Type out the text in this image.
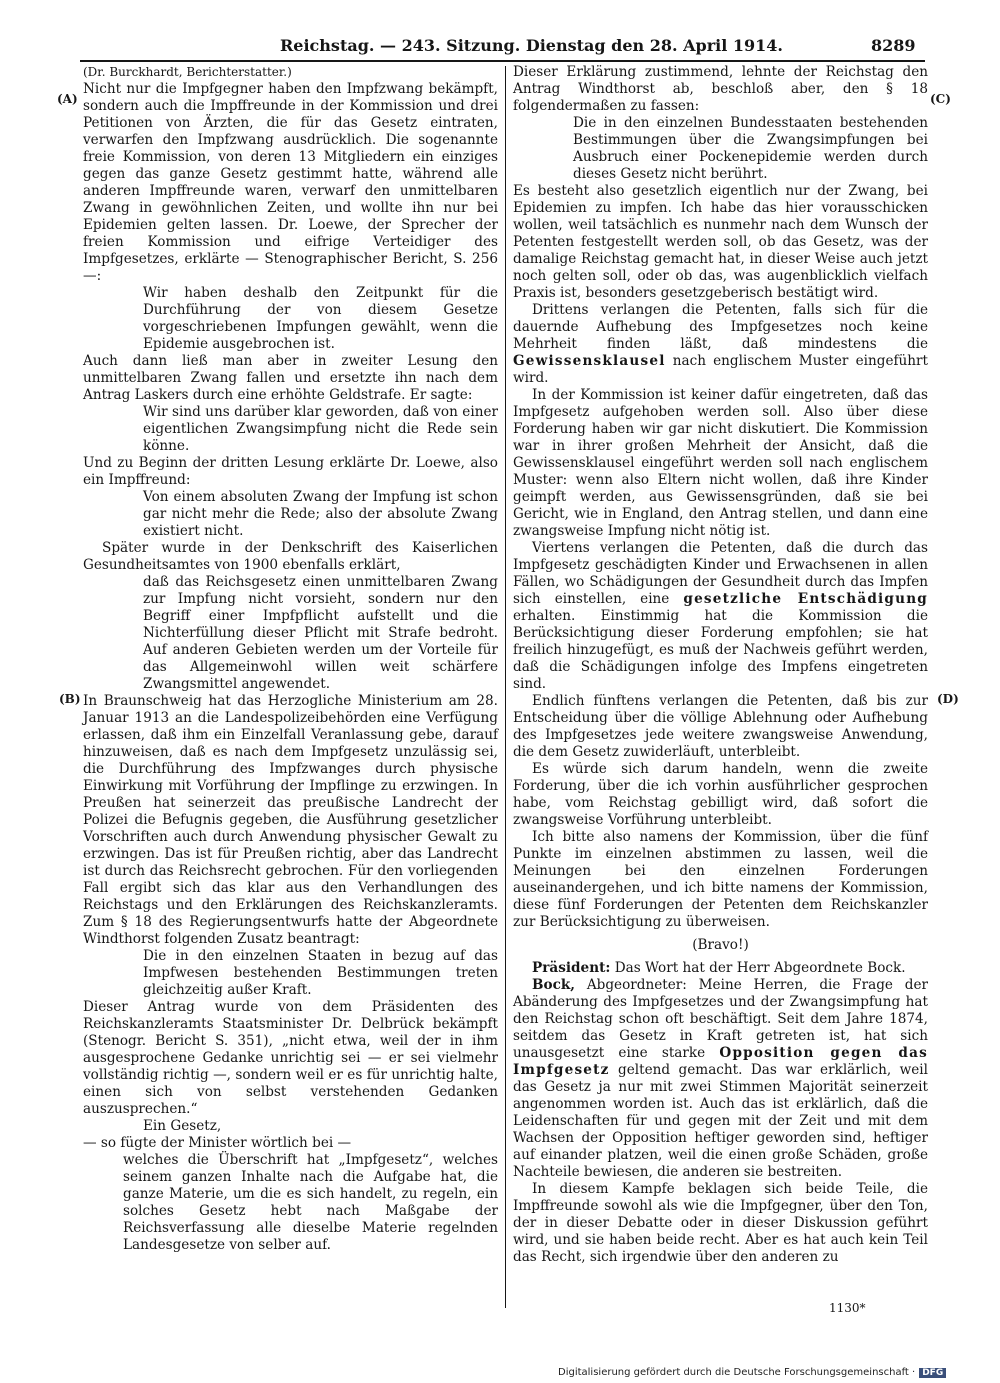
Reichstag. — 243. Sitzung. Dienstag den 28. April 1914.	8289
(A)
(B)
(C)
(D)

(Dr. Burckhardt, Berichterstatter.)

Nicht nur die Impfgegner haben den Impfzwang bekämpft, sondern auch die Impffreunde in der Kommission und drei Petitionen von Ärzten, die für das Gesetz eintraten, verwarfen den Impfzwang ausdrücklich. Die sogenannte freie Kommission, von deren 13 Mitgliedern ein einziges gegen das ganze Gesetz gestimmt hatte, während alle anderen Impffreunde waren, verwarf den unmittelbaren Zwang in gewöhnlichen Zeiten, und wollte ihn nur bei Epidemien gelten lassen. Dr. Loewe, der Sprecher der freien Kommission und eifrige Verteidiger des Impfgesetzes, erklärte — Stenographischer Bericht, S. 256 —:

Wir haben deshalb den Zeitpunkt für die Durchführung der von diesem Gesetze vorgeschriebenen Impfungen gewählt, wenn die Epidemie ausgebrochen ist.

Auch dann ließ man aber in zweiter Lesung den unmittelbaren Zwang fallen und ersetzte ihn nach dem Antrag Laskers durch eine erhöhte Geldstrafe. Er sagte:

Wir sind uns darüber klar geworden, daß von einer eigentlichen Zwangsimpfung nicht die Rede sein könne.

Und zu Beginn der dritten Lesung erklärte Dr. Loewe, also ein Impffreund:

Von einem absoluten Zwang der Impfung ist schon gar nicht mehr die Rede; also der absolute Zwang existiert nicht.

Später wurde in der Denkschrift des Kaiserlichen Gesundheitsamtes von 1900 ebenfalls erklärt,

daß das Reichsgesetz einen unmittelbaren Zwang zur Impfung nicht vorsieht, sondern nur den Begriff einer Impfpflicht aufstellt und die Nichterfüllung dieser Pflicht mit Strafe bedroht. Auf anderen Gebieten werden um der Vorteile für das Allgemeinwohl willen weit schärfere Zwangsmittel angewendet.

In Braunschweig hat das Herzogliche Ministerium am 28. Januar 1913 an die Landespolizeibehörden eine Verfügung erlassen, daß ihm ein Einzelfall Veranlassung gebe, darauf hinzuweisen, daß es nach dem Impfgesetz unzulässig sei, die Durchführung des Impfzwanges durch physische Einwirkung mit Vorführung der Impflinge zu erzwingen. In Preußen hat seinerzeit das preußische Landrecht der Polizei die Befugnis gegeben, die Ausführung gesetzlicher Vorschriften auch durch Anwendung physischer Gewalt zu erzwingen. Das ist für Preußen richtig, aber das Landrecht ist durch das Reichsrecht gebrochen. Für den vorliegenden Fall ergibt sich das klar aus den Verhandlungen des Reichstags und den Erklärungen des Reichskanzleramts. Zum § 18 des Regierungsentwurfs hatte der Abgeordnete Windthorst folgenden Zusatz beantragt:

Die in den einzelnen Staaten in bezug auf das Impfwesen bestehenden Bestimmungen treten gleichzeitig außer Kraft.

Dieser Antrag wurde von dem Präsidenten des Reichskanzleramts Staatsminister Dr. Delbrück bekämpft (Stenogr. Bericht S. 351), „nicht etwa, weil der in ihm ausgesprochene Gedanke unrichtig sei — er sei vielmehr vollständig richtig —, sondern weil er es für unrichtig halte, einen sich von selbst verstehenden Gedanken auszusprechen.“

Ein Gesetz,

— so fügte der Minister wörtlich bei —

welches die Überschrift hat „Impfgesetz“, welches seinem ganzen Inhalte nach die Aufgabe hat, die ganze Materie, um die es sich handelt, zu regeln, ein solches Gesetz hebt nach Maßgabe der Reichsverfassung alle dieselbe Materie regelnden Landesgesetze von selber auf.

Dieser Erklärung zustimmend, lehnte der Reichstag den Antrag Windthorst ab, beschloß aber, den § 18 folgendermaßen zu fassen:

Die in den einzelnen Bundesstaaten bestehenden Bestimmungen über die Zwangsimpfungen bei Ausbruch einer Pockenepidemie werden durch dieses Gesetz nicht berührt.

Es besteht also gesetzlich eigentlich nur der Zwang, bei Epidemien zu impfen. Ich habe das hier vorausschicken wollen, weil tatsächlich es nunmehr nach dem Wunsch der Petenten festgestellt werden soll, ob das Gesetz, was der damalige Reichstag gemacht hat, in dieser Weise auch jetzt noch gelten soll, oder ob das, was augenblicklich vielfach Praxis ist, besonders gesetzgeberisch bestätigt wird.

Drittens verlangen die Petenten, falls sich für die dauernde Aufhebung des Impfgesetzes noch keine Mehrheit finden läßt, daß mindestens die Gewissensklausel nach englischem Muster eingeführt wird.

In der Kommission ist keiner dafür eingetreten, daß das Impfgesetz aufgehoben werden soll. Also über diese Forderung haben wir gar nicht diskutiert. Die Kommission war in ihrer großen Mehrheit der Ansicht, daß die Gewissensklausel eingeführt werden soll nach englischem Muster: wenn also Eltern nicht wollen, daß ihre Kinder geimpft werden, aus Gewissensgründen, daß sie bei Gericht, wie in England, den Antrag stellen, und dann eine zwangsweise Impfung nicht nötig ist.

Viertens verlangen die Petenten, daß die durch das Impfgesetz geschädigten Kinder und Erwachsenen in allen Fällen, wo Schädigungen der Gesundheit durch das Impfen sich einstellen, eine gesetzliche Entschädigung erhalten. Einstimmig hat die Kommission die Berücksichtigung dieser Forderung empfohlen; sie hat freilich hinzugefügt, es muß der Nachweis geführt werden, daß die Schädigungen infolge des Impfens eingetreten sind.

Endlich fünftens verlangen die Petenten, daß bis zur Entscheidung über die völlige Ablehnung oder Aufhebung des Impfgesetzes jede weitere zwangsweise Anwendung, die dem Gesetz zuwiderläuft, unterbleibt.

Es würde sich darum handeln, wenn die zweite Forderung, über die ich vorhin ausführlicher gesprochen habe, vom Reichstag gebilligt wird, daß sofort die zwangsweise Vorführung unterbleibt.

Ich bitte also namens der Kommission, über die fünf Punkte im einzelnen abstimmen zu lassen, weil die Meinungen bei den einzelnen Forderungen auseinandergehen, und ich bitte namens der Kommission, diese fünf Forderungen der Petenten dem Reichskanzler zur Berücksichtigung zu überweisen.

(Bravo!)

Präsident: Das Wort hat der Herr Abgeordnete Bock.

Bock, Abgeordneter: Meine Herren, die Frage der Abänderung des Impfgesetzes und der Zwangsimpfung hat den Reichstag schon oft beschäftigt. Seit dem Jahre 1874, seitdem das Gesetz in Kraft getreten ist, hat sich unausgesetzt eine starke Opposition gegen das Impfgesetz geltend gemacht. Das war erklärlich, weil das Gesetz ja nur mit zwei Stimmen Majorität seinerzeit angenommen worden ist. Auch das ist erklärlich, daß die Leidenschaften für und gegen mit der Zeit und mit dem Wachsen der Opposition heftiger geworden sind, heftiger auf einander platzen, weil die einen große Schäden, große Nachteile bewiesen, die anderen sie bestreiten.

In diesem Kampfe beklagen sich beide Teile, die Impffreunde sowohl als wie die Impfgegner, über den Ton, der in dieser Debatte oder in dieser Diskussion geführt wird, und sie haben beide recht. Aber es hat auch kein Teil das Recht, sich irgendwie über den anderen zu

1130*
Digitalisierung gefördert durch die Deutsche Forschungsgemeinschaft · DFG
